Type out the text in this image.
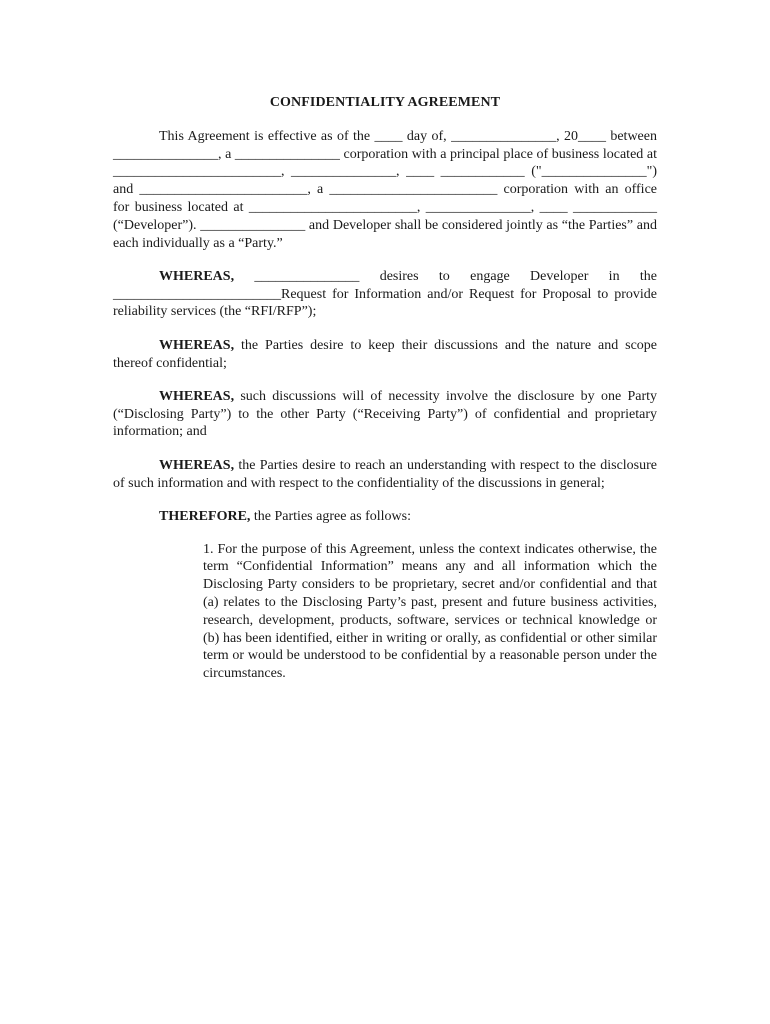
CONFIDENTIALITY AGREEMENT

This Agreement is effective as of the ____ day of, _______________, 20____ between _______________, a _______________ corporation with a principal place of business located at ________________________, _______________, ____ ____________ ("_______________") and ________________________, a ________________________ corporation with an office for business located at ________________________, _______________, ____ ____________ (“Developer”). _______________ and Developer shall be considered jointly as “the Parties” and each individually as a “Party.”

WHEREAS, _______________ desires to engage Developer in the ________________________Request for Information and/or Request for Proposal to provide reliability services (the “RFI/RFP”);

WHEREAS, the Parties desire to keep their discussions and the nature and scope thereof confidential;

WHEREAS, such discussions will of necessity involve the disclosure by one Party (“Disclosing Party”) to the other Party (“Receiving Party”) of confidential and proprietary information; and

WHEREAS, the Parties desire to reach an understanding with respect to the disclosure of such information and with respect to the confidentiality of the discussions in general;

THEREFORE, the Parties agree as follows:

1. For the purpose of this Agreement, unless the context indicates otherwise, the term “Confidential Information” means any and all information which the Disclosing Party considers to be proprietary, secret and/or confidential and that (a) relates to the Disclosing Party’s past, present and future business activities, research, development, products, software, services or technical knowledge or (b) has been identified, either in writing or orally, as confidential or other similar term or would be understood to be confidential by a reasonable person under the circumstances.
